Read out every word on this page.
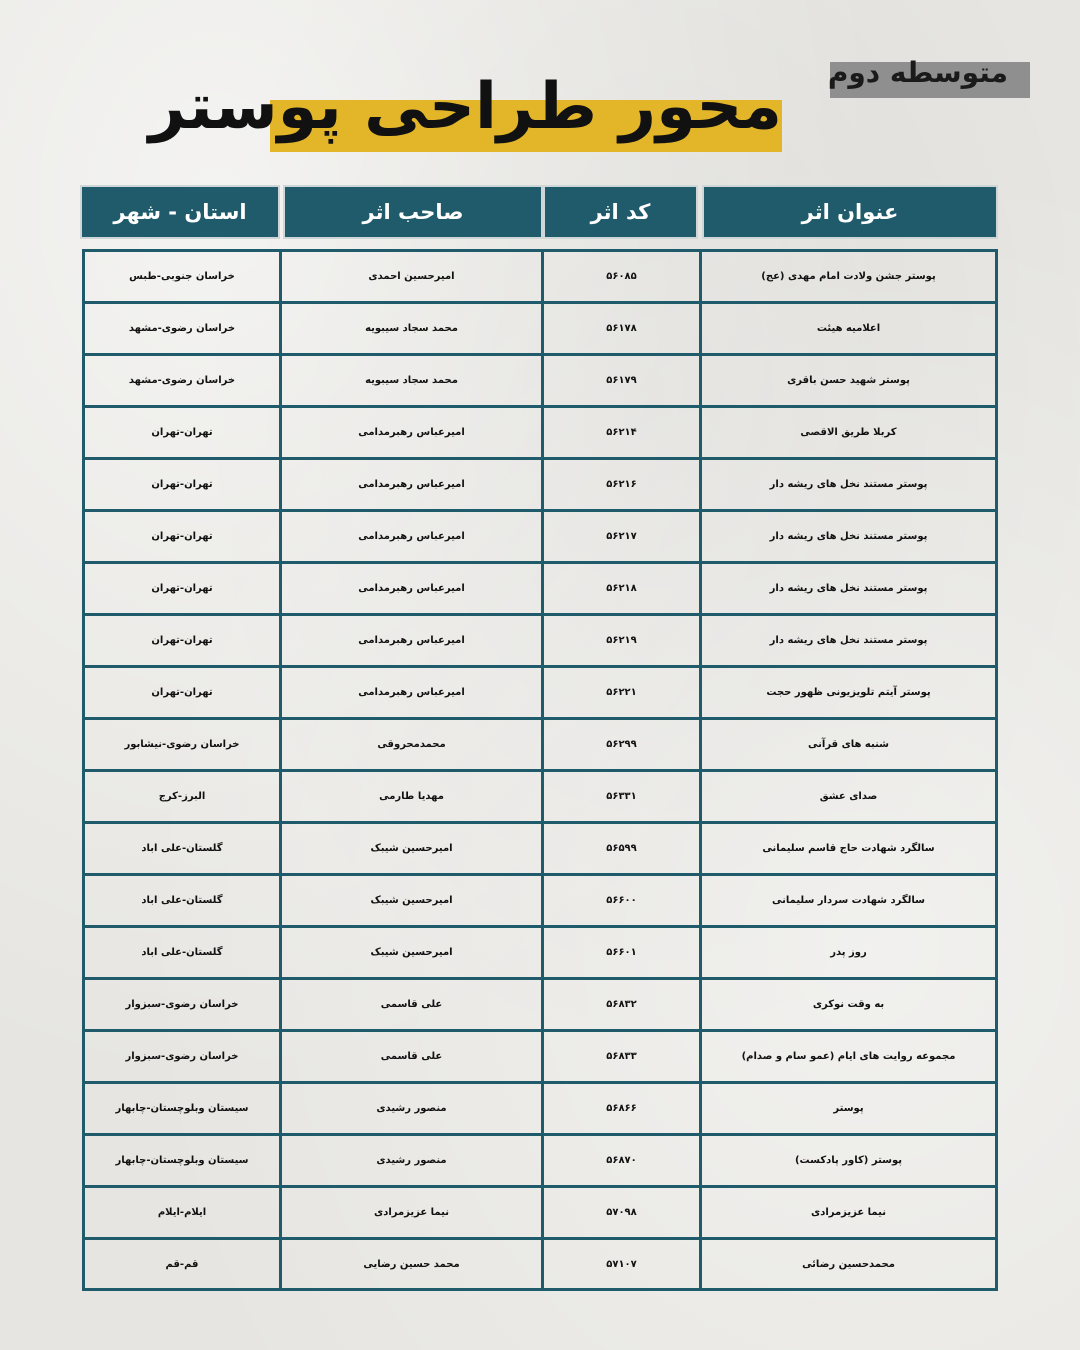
متوسطه دوم
محور طراحی پوستر
عنوان اثر
کد اثر
صاحب اثر
استان - شهر
پوستر جشن ولادت امام مهدی (عج)
۵۶۰۸۵
امیرحسین احمدی
خراسان جنوبی-طبس
اعلامیه هیئت
۵۶۱۷۸
محمد سجاد سیبویه
خراسان رضوی-مشهد
پوستر شهید حسن باقری
۵۶۱۷۹
محمد سجاد سیبویه
خراسان رضوی-مشهد
کربلا طریق الاقصی
۵۶۲۱۴
امیرعباس رهبرمدامی
تهران-تهران
پوستر مستند نخل های ریشه دار
۵۶۲۱۶
امیرعباس رهبرمدامی
تهران-تهران
پوستر مستند نخل های ریشه دار
۵۶۲۱۷
امیرعباس رهبرمدامی
تهران-تهران
پوستر مستند نخل های ریشه دار
۵۶۲۱۸
امیرعباس رهبرمدامی
تهران-تهران
پوستر مستند نخل های ریشه دار
۵۶۲۱۹
امیرعباس رهبرمدامی
تهران-تهران
پوستر آیتم تلویزیونی ظهور حجت
۵۶۲۲۱
امیرعباس رهبرمدامی
تهران-تهران
شنبه های قرآنی
۵۶۲۹۹
محمدمحروقی
خراسان رضوی-نیشابور
صدای عشق
۵۶۳۳۱
مهدیا طارمی
البرز-کرج
سالگرد شهادت حاج قاسم سلیمانی
۵۶۵۹۹
امیرحسین شیبک
گلستان-علی اباد
سالگرد شهادت سردار سلیمانی
۵۶۶۰۰
امیرحسین شیبک
گلستان-علی اباد
روز پدر
۵۶۶۰۱
امیرحسین شیبک
گلستان-علی اباد
به وقت نوکری
۵۶۸۳۲
علی قاسمی
خراسان رضوی-سبزوار
مجموعه روایت های ایام (عمو سام و صدام)
۵۶۸۳۳
علی قاسمی
خراسان رضوی-سبزوار
پوستر
۵۶۸۶۶
منصور رشیدی
سیستان وبلوچستان-چابهار
پوستر (کاور پادکست)
۵۶۸۷۰
منصور رشیدی
سیستان وبلوچستان-چابهار
نیما عزیزمرادی
۵۷۰۹۸
نیما عزیزمرادی
ایلام-ایلام
محمدحسین رضائی
۵۷۱۰۷
محمد حسین رضایی
قم-قم
